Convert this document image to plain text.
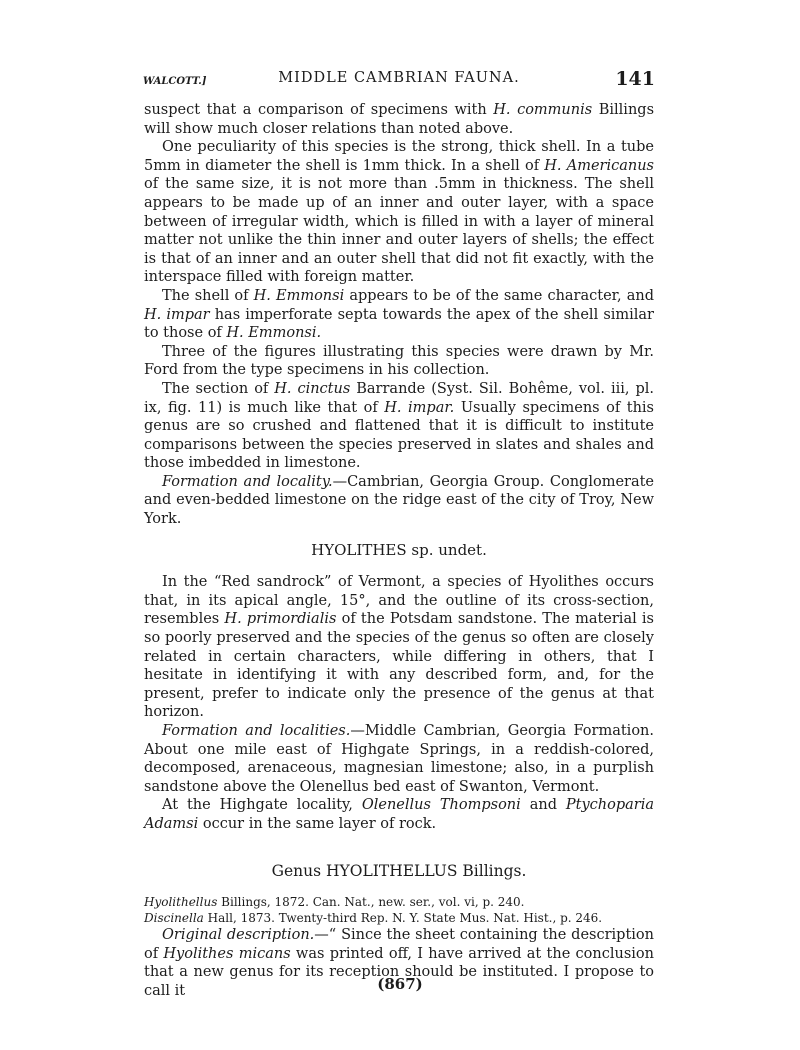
WALCOTT.]	MIDDLE CAMBRIAN FAUNA.	141

suspect that a comparison of specimens with H. communis Billings will show much closer relations than noted above.

One peculiarity of this species is the strong, thick shell. In a tube 5mm in diameter the shell is 1mm thick. In a shell of H. Americanus of the same size, it is not more than .5mm in thickness. The shell appears to be made up of an inner and outer layer, with a space between of irregular width, which is filled in with a layer of mineral matter not unlike the thin inner and outer layers of shells; the effect is that of an inner and an outer shell that did not fit exactly, with the interspace filled with foreign matter.

The shell of H. Emmonsi appears to be of the same character, and H. impar has imperforate septa towards the apex of the shell similar to those of H. Emmonsi.

Three of the figures illustrating this species were drawn by Mr. Ford from the type specimens in his collection.

The section of H. cinctus Barrande (Syst. Sil. Bohême, vol. iii, pl. ix, fig. 11) is much like that of H. impar. Usually specimens of this genus are so crushed and flattened that it is difficult to institute comparisons between the species preserved in slates and shales and those imbedded in limestone.

Formation and locality.—Cambrian, Georgia Group. Conglomerate and even-bedded limestone on the ridge east of the city of Troy, New York.

HYOLITHES sp. undet.

In the “Red sandrock” of Vermont, a species of Hyolithes occurs that, in its apical angle, 15°, and the outline of its cross-section, resembles H. primordialis of the Potsdam sandstone. The material is so poorly preserved and the species of the genus so often are closely related in certain characters, while differing in others, that I hesitate in identifying it with any described form, and, for the present, prefer to indicate only the presence of the genus at that horizon.

Formation and localities.—Middle Cambrian, Georgia Formation. About one mile east of Highgate Springs, in a reddish-colored, decomposed, arenaceous, magnesian limestone; also, in a purplish sandstone above the Olenellus bed east of Swanton, Vermont.

At the Highgate locality, Olenellus Thompsoni and Ptychoparia Adamsi occur in the same layer of rock.

Genus HYOLITHELLUS Billings.

Hyolithellus Billings, 1872. Can. Nat., new. ser., vol. vi, p. 240.

Discinella Hall, 1873. Twenty-third Rep. N. Y. State Mus. Nat. Hist., p. 246.

Original description.—“ Since the sheet containing the description of Hyolithes micans was printed off, I have arrived at the conclusion that a new genus for its reception should be instituted. I propose to call it	(867)
